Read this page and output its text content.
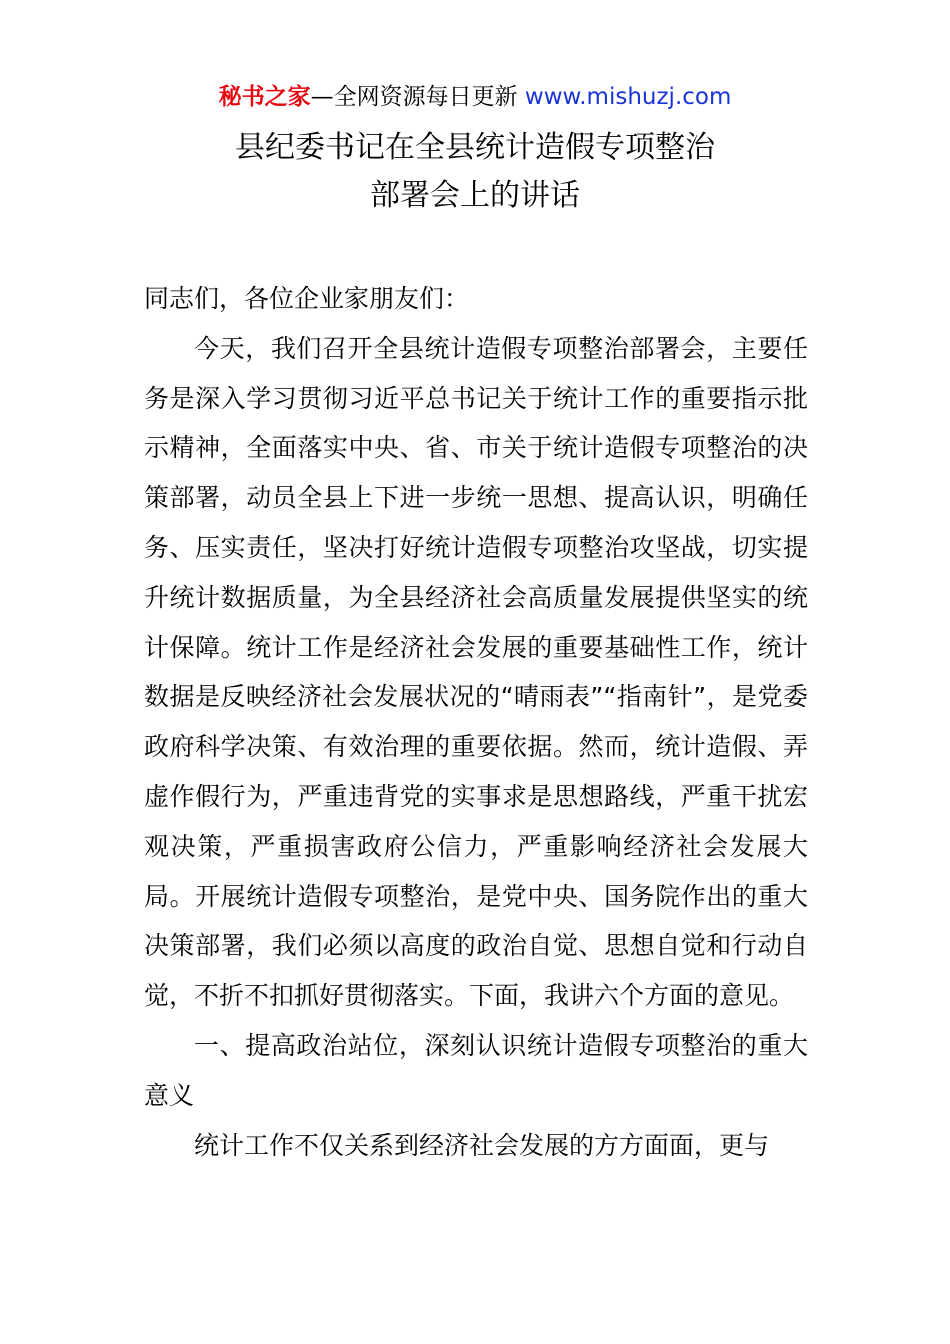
秘书之家—全网资源每日更新 www.mishuzj.com
县纪委书记在全县统计造假专项整治
部署会上的讲话

同志们，各位企业家朋友们：

今天，我们召开全县统计造假专项整治部署会，主要任务是深入学习贯彻习近平总书记关于统计工作的重要指示批示精神，全面落实中央、省、市关于统计造假专项整治的决策部署，动员全县上下进一步统一思想、提高认识，明确任务、压实责任，坚决打好统计造假专项整治攻坚战，切实提升统计数据质量，为全县经济社会高质量发展提供坚实的统计保障。统计工作是经济社会发展的重要基础性工作，统计数据是反映经济社会发展状况的“晴雨表”“指南针”，是党委政府科学决策、有效治理的重要依据。然而，统计造假、弄虚作假行为，严重违背党的实事求是思想路线，严重干扰宏观决策，严重损害政府公信力，严重影响经济社会发展大局。开展统计造假专项整治，是党中央、国务院作出的重大决策部署，我们必须以高度的政治自觉、思想自觉和行动自觉，不折不扣抓好贯彻落实。下面，我讲六个方面的意见。

一、提高政治站位，深刻认识统计造假专项整治的重大意义

统计工作不仅关系到经济社会发展的方方面面，更与
